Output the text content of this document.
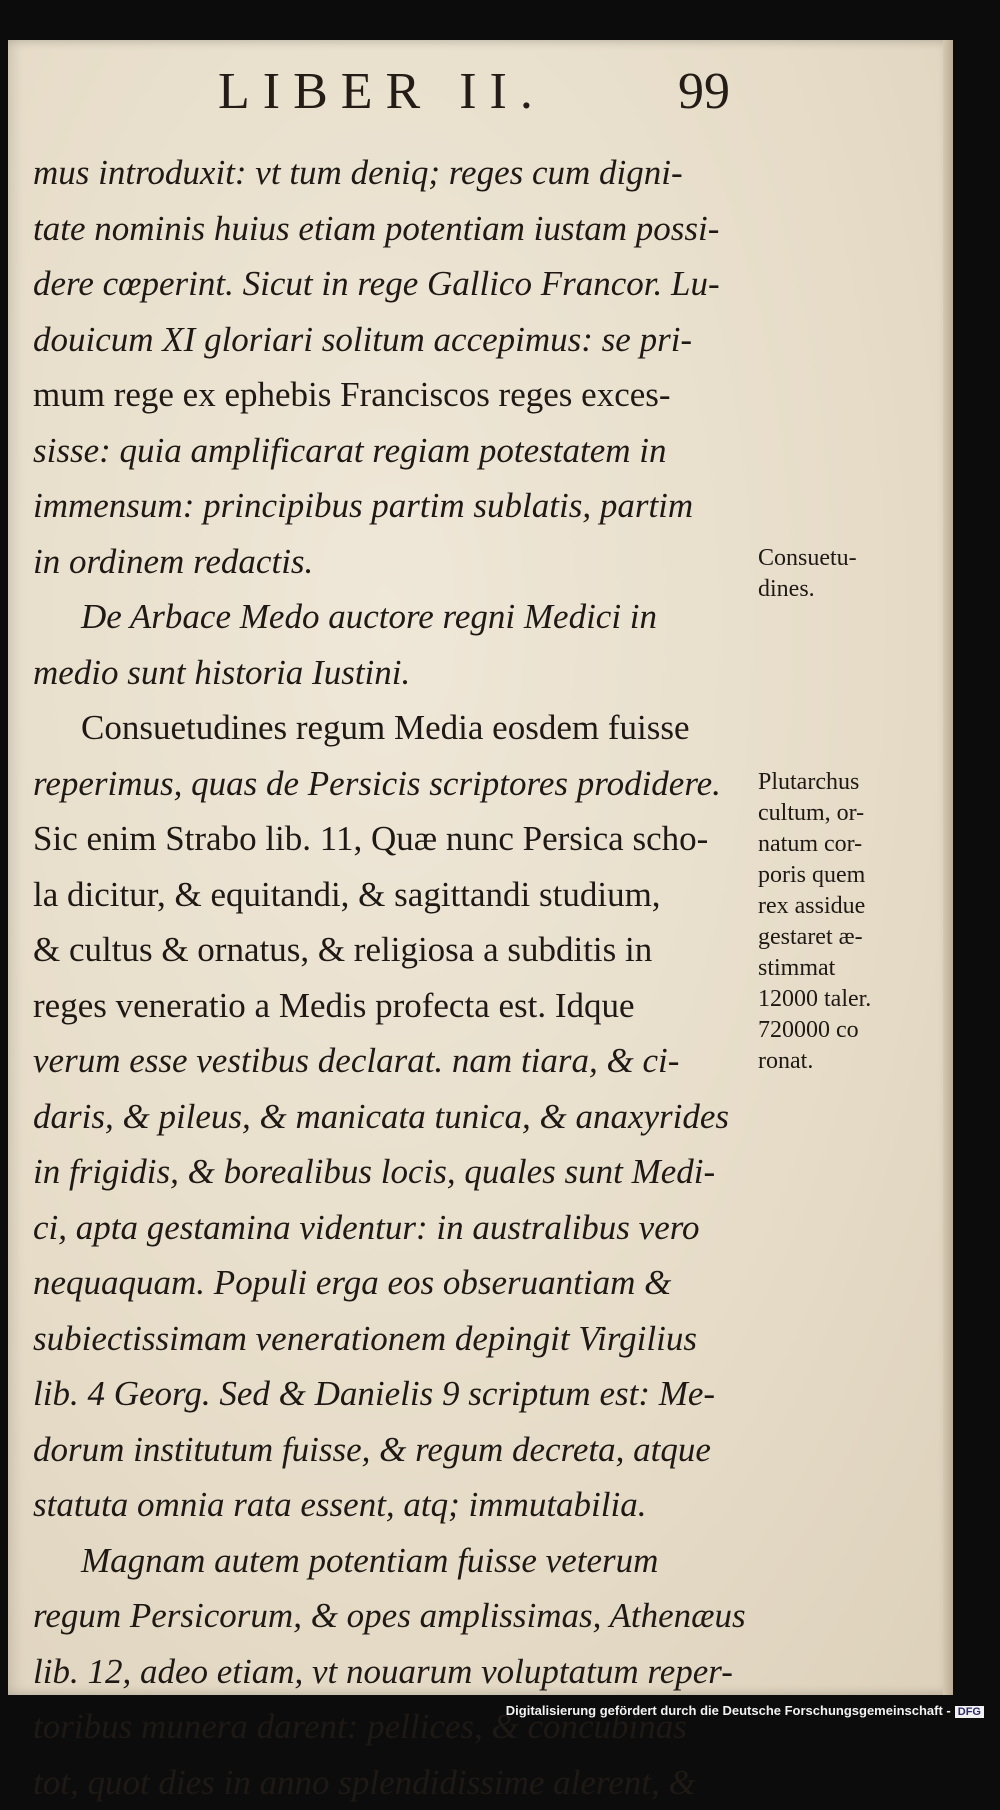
LIBER II.	99
mus introduxit: vt tum deniq; reges cum digni-
tate nominis huius etiam potentiam iustam possi-
dere cœperint. Sicut in rege Gallico Francor. Lu-
douicum XI gloriari solitum accepimus: se pri-
mum rege ex ephebis Franciscos reges exces-
sisse: quia amplificarat regiam potestatem in
immensum: principibus partim sublatis, partim
in ordinem redactis.
De Arbace Medo auctore regni Medici in
medio sunt historia Iustini.
Consuetudines regum Media eosdem fuisse
reperimus, quas de Persicis scriptores prodidere.
Sic enim Strabo lib. 11, Quæ nunc Persica scho-
la dicitur, & equitandi, & sagittandi studium,
& cultus & ornatus, & religiosa a subditis in
reges veneratio a Medis profecta est. Idque
verum esse vestibus declarat. nam tiara, & ci-
daris, & pileus, & manicata tunica, & anaxyrides
in frigidis, & borealibus locis, quales sunt Medi-
ci, apta gestamina videntur: in australibus vero
nequaquam. Populi erga eos obseruantiam &
subiectissimam venerationem depingit Virgilius
lib. 4 Georg. Sed & Danielis 9 scriptum est: Me-
dorum institutum fuisse, & regum decreta, atque
statuta omnia rata essent, atq; immutabilia.
Magnam autem potentiam fuisse veterum
regum Persicorum, & opes amplissimas, Athenæus
lib. 12, adeo etiam, vt nouarum voluptatum reper-
toribus munera darent: pellices, & concubinas
tot, quot dies in anno splendidissime alerent, &
Consuetu-
dines.
Plutarchus
cultum, or-
natum cor-
poris quem
rex assidue
gestaret æ-
stimmat
12000 taler.
720000 co
ronat.
Digitalisierung gefördert durch die Deutsche Forschungsgemeinschaft - DFG
